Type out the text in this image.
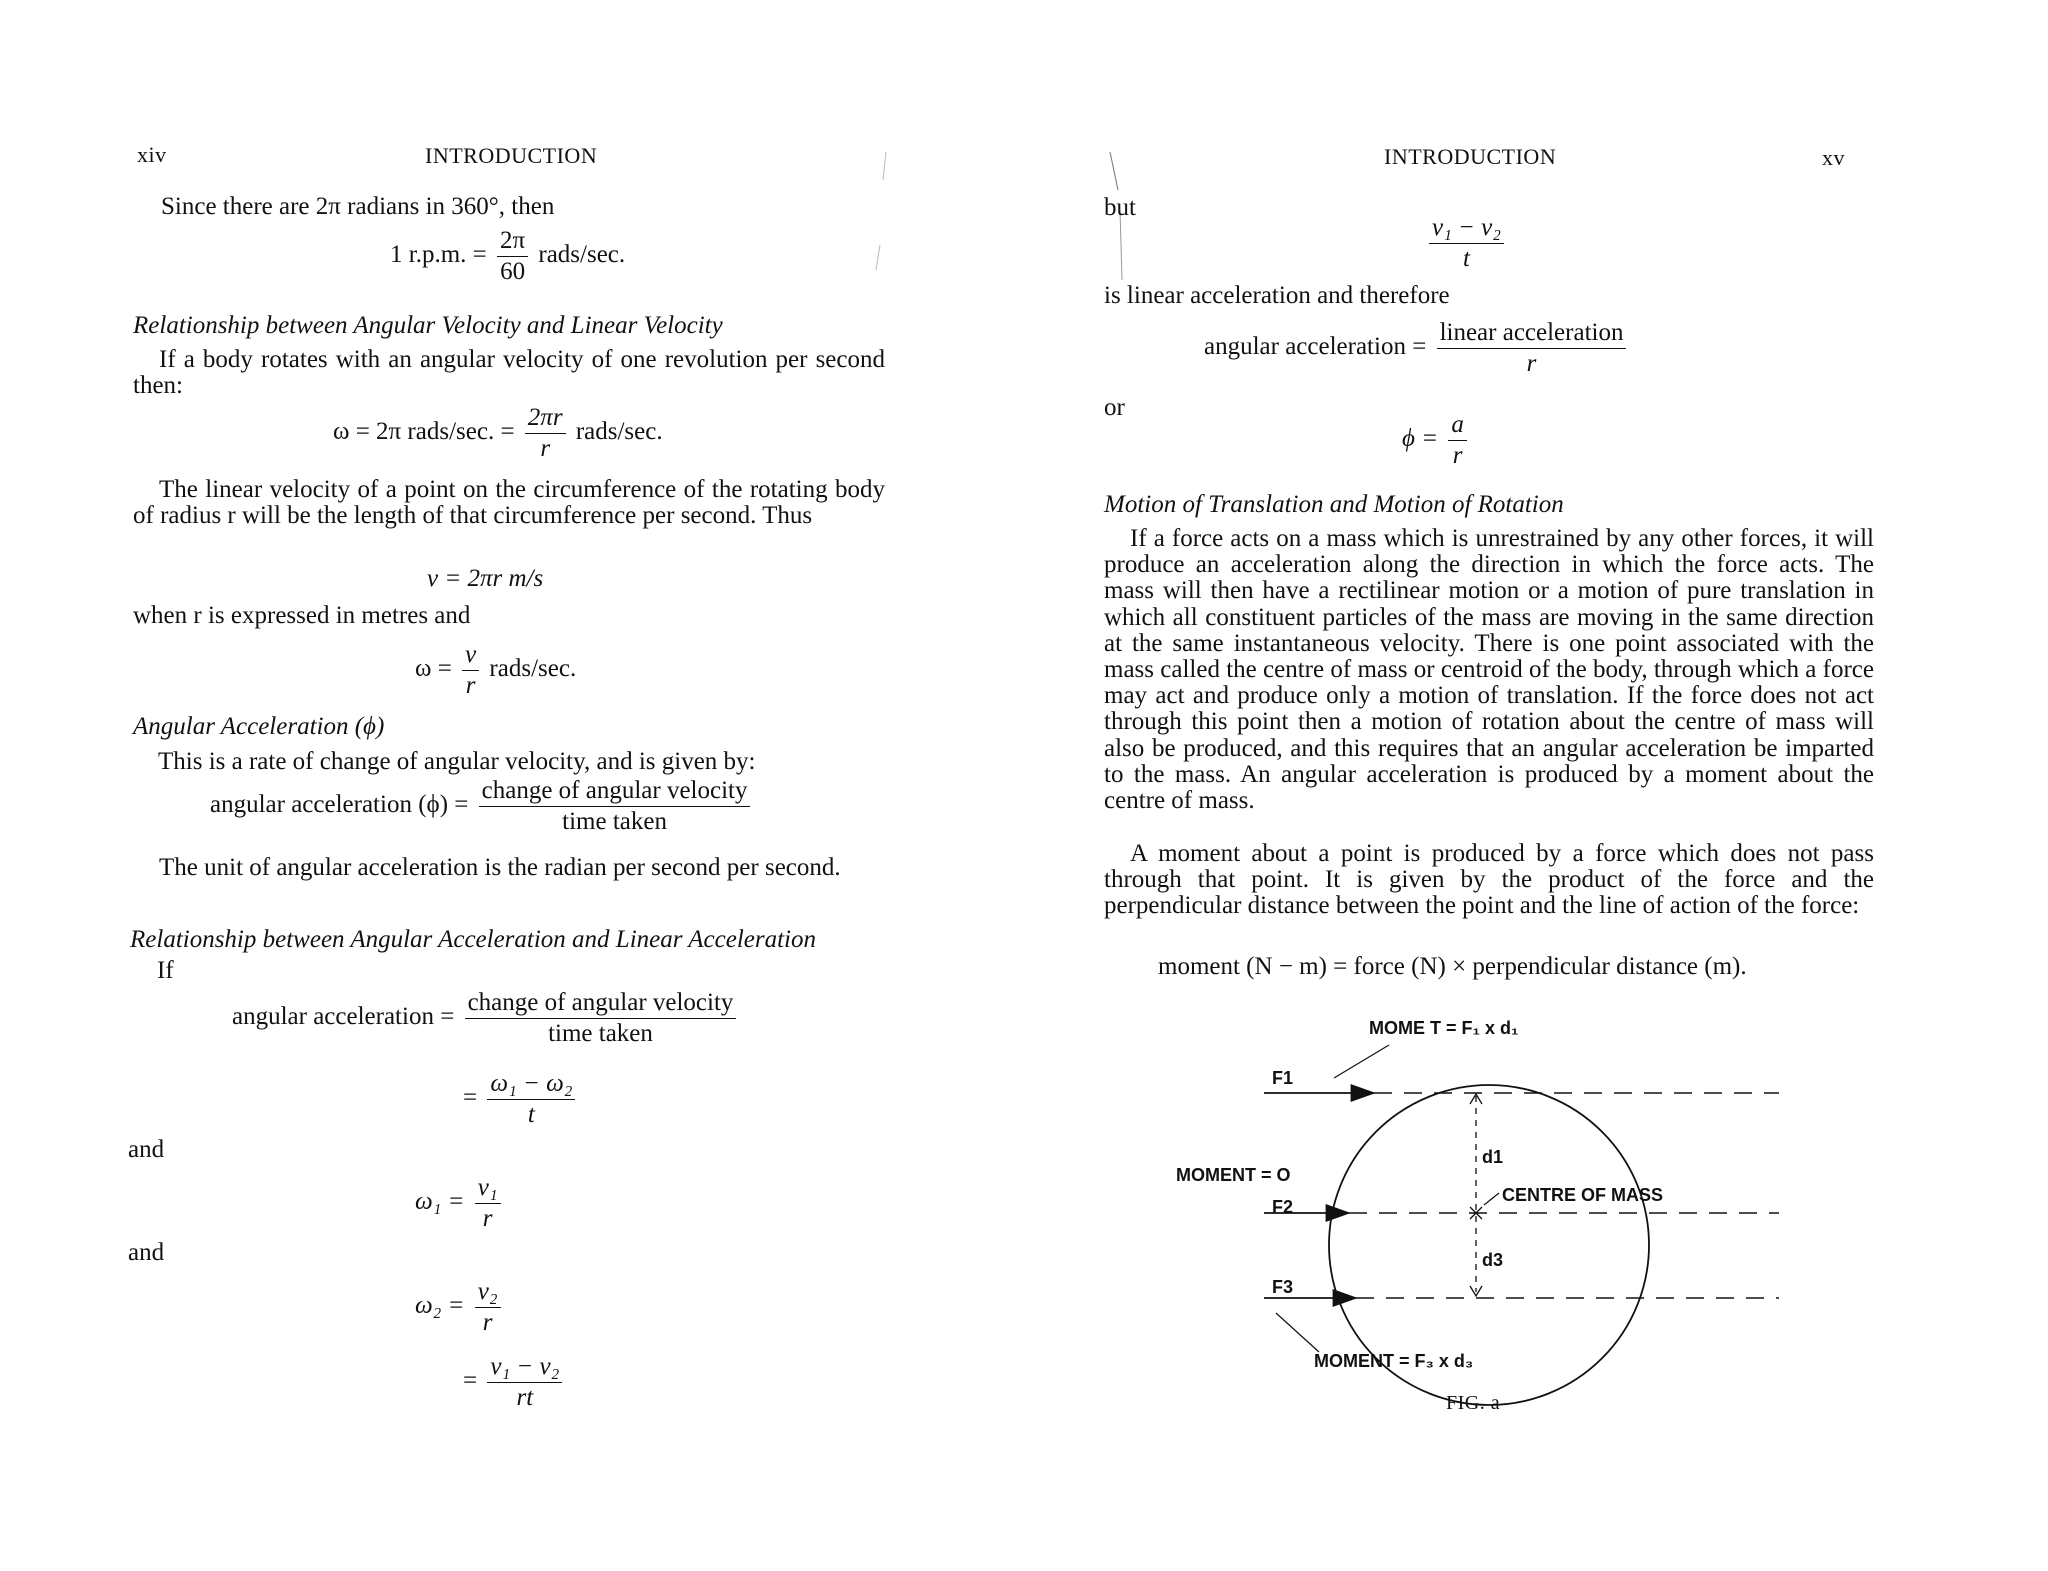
xiv	INTRODUCTION
Since there are 2π radians in 360°, then
1 r.p.m. = $\frac{2\pi}{60}$ rads/sec.
Relationship between Angular Velocity and Linear Velocity
If a body rotates with an angular velocity of one revolution per second then:
ω = 2π rads/sec. = $\frac{2\pi r}{r}$ rads/sec.
The linear velocity of a point on the circumference of the rotating body of radius r will be the length of that circumference per second. Thus
v = 2πr m/s
when r is expressed in metres and
$\omega = \frac{v}{r}$ rads/sec.
Angular Acceleration (ϕ)
This is a rate of change of angular velocity, and is given by:
angular acceleration $(\phi) = \frac{\text{change of angular velocity}}{\text{time taken}}$
The unit of angular acceleration is the radian per second per second.
Relationship between Angular Acceleration and Linear Acceleration
If
angular acceleration = $\frac{\text{change of angular velocity}}{\text{time taken}}$
= $\frac{\text{ω₁ − ω₂}}{t}$
and
$\omega_1 = \frac{\text{v₁}}{r}$
and
$\omega_2 = \frac{\text{v₂}}{r}$
= $\frac{\text{v₁ − v₂}}{rt}$
INTRODUCTION	xv
but
$\frac{\text{v₁ − v₂}}{t}$
is linear acceleration and therefore
angular acceleration = $\frac{\text{linear acceleration}}{r}$
or
$\phi = \frac{a}{r}$
Motion of Translation and Motion of Rotation
If a force acts on a mass which is unrestrained by any other forces, it will produce an acceleration along the direction in which the force acts. The mass will then have a rectilinear motion or a motion of pure translation in which all constituent particles of the mass are moving in the same direction at the same instantaneous velocity. There is one point associated with the mass called the centre of mass or centroid of the body, through which a force may act and produce only a motion of translation. If the force does not act through this point then a motion of rotation about the centre of mass will also be produced, and this requires that an angular acceleration be imparted to the mass. An angular acceleration is produced by a moment about the centre of mass.
A moment about a point is produced by a force which does not pass through that point. It is given by the product of the force and the perpendicular distance between the point and the line of action of the force:
moment (N − m) = force (N) × perpendicular distance (m).
MOME T = F₁ x d₁
F1
MOMENT = O
F2
F3
MOMENT = F₃ x d₃
d1
d3
CENTRE OF MASS
FIG. a
